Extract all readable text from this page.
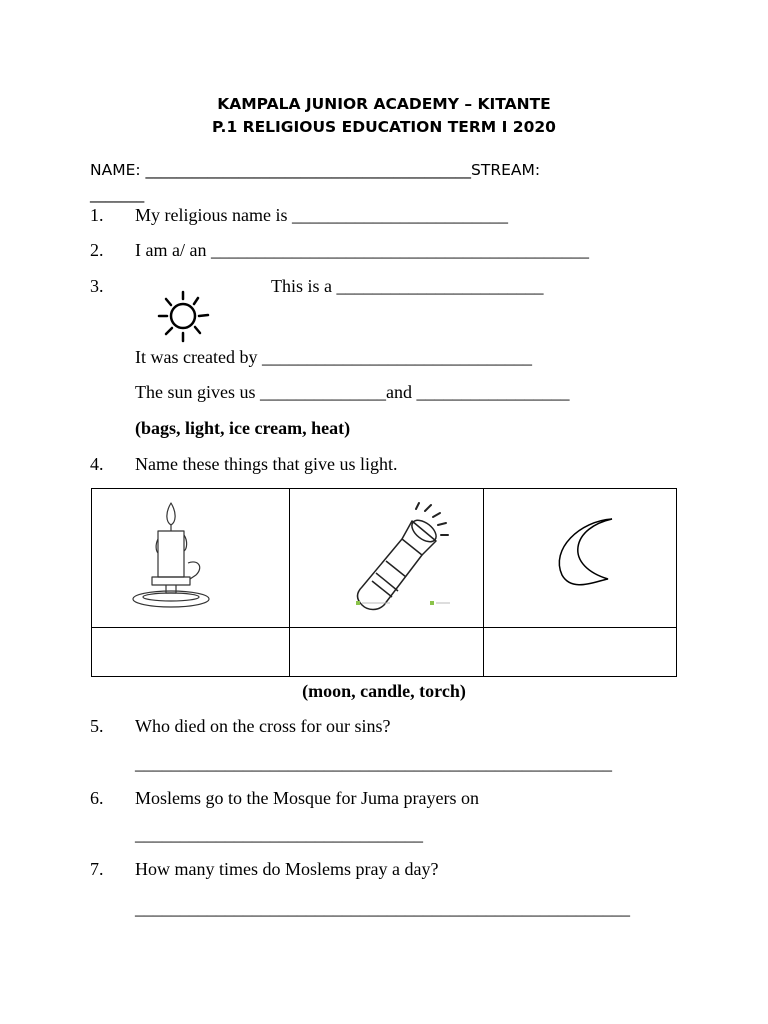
KAMPALA JUNIOR ACADEMY – KITANTE
P.1 RELIGIOUS EDUCATION TERM I 2020
NAME: __________________________________________STREAM:
_______
1. My religious name is ________________________
2. I am a/ an __________________________________________
3.

	This is a _______________________
It was created by ______________________________
The sun gives us ______________and _________________
(bags, light, ice cream, heat)
4. Name these things that give us light.

(moon, candle, torch)
5. Who died on the cross for our sins?
_____________________________________________________
6. Moslems go to the Mosque for Juma prayers on
________________________________
7. How many times do Moslems pray a day?
_______________________________________________________
